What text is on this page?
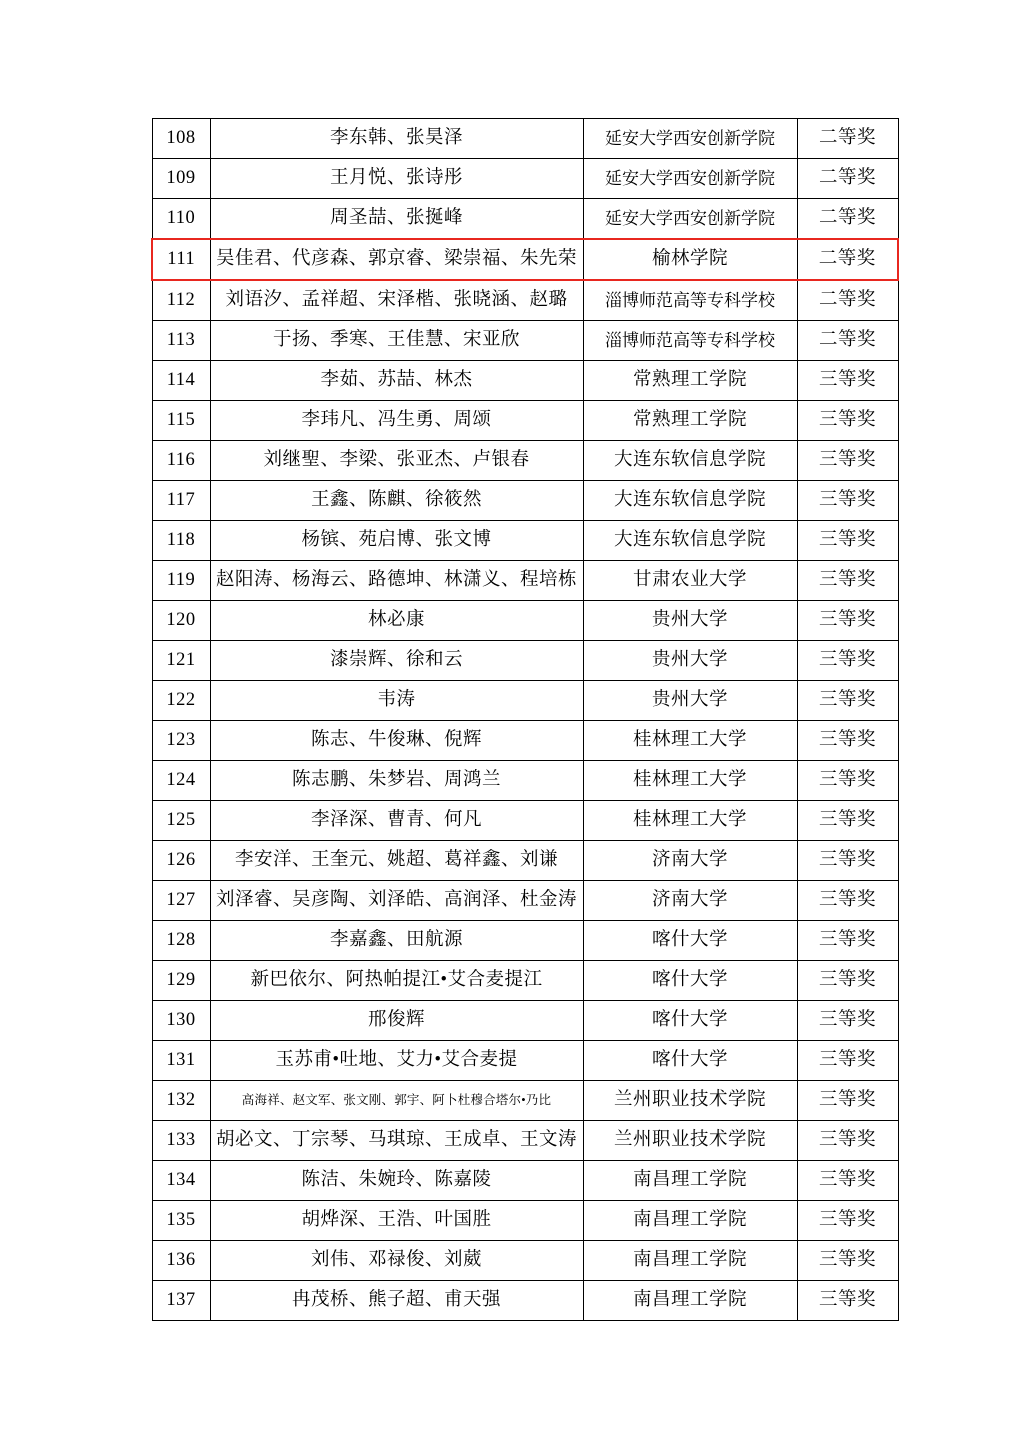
108	李东韩、张昊泽	延安大学西安创新学院	二等奖
109	王月悦、张诗彤	延安大学西安创新学院	二等奖
110	周圣喆、张挻峰	延安大学西安创新学院	二等奖
111	吴佳君、代彦森、郭京睿、梁崇福、朱先荣	榆林学院	二等奖
112	刘语汐、孟祥超、宋泽楷、张晓涵、赵璐	淄博师范高等专科学校	二等奖
113	于扬、季寒、王佳慧、宋亚欣	淄博师范高等专科学校	二等奖
114	李茹、苏喆、林杰	常熟理工学院	三等奖
115	李玮凡、冯生勇、周颂	常熟理工学院	三等奖
116	刘继聖、李梁、张亚杰、卢银春	大连东软信息学院	三等奖
117	王鑫、陈麒、徐筱然	大连东软信息学院	三等奖
118	杨镔、苑启博、张文博	大连东软信息学院	三等奖
119	赵阳涛、杨海云、路德坤、林潇义、程培栋	甘肃农业大学	三等奖
120	林必康	贵州大学	三等奖
121	漆崇辉、徐和云	贵州大学	三等奖
122	韦涛	贵州大学	三等奖
123	陈志、牛俊琳、倪辉	桂林理工大学	三等奖
124	陈志鹏、朱梦岩、周鸿兰	桂林理工大学	三等奖
125	李泽深、曹青、何凡	桂林理工大学	三等奖
126	李安洋、王奎元、姚超、葛祥鑫、刘谦	济南大学	三等奖
127	刘泽睿、吴彦陶、刘泽皓、高润泽、杜金涛	济南大学	三等奖
128	李嘉鑫、田航源	喀什大学	三等奖
129	新巴依尔、阿热帕提江•艾合麦提江	喀什大学	三等奖
130	邢俊辉	喀什大学	三等奖
131	玉苏甫•吐地、艾力•艾合麦提	喀什大学	三等奖
132	高海祥、赵文军、张文刚、郭宇、阿卜杜穆合塔尔•乃比	兰州职业技术学院	三等奖
133	胡必文、丁宗琴、马琪琼、王成卓、王文涛	兰州职业技术学院	三等奖
134	陈洁、朱婉玲、陈嘉陵	南昌理工学院	三等奖
135	胡烨深、王浩、叶国胜	南昌理工学院	三等奖
136	刘伟、邓禄俊、刘葳	南昌理工学院	三等奖
137	冉茂桥、熊子超、甫天强	南昌理工学院	三等奖
